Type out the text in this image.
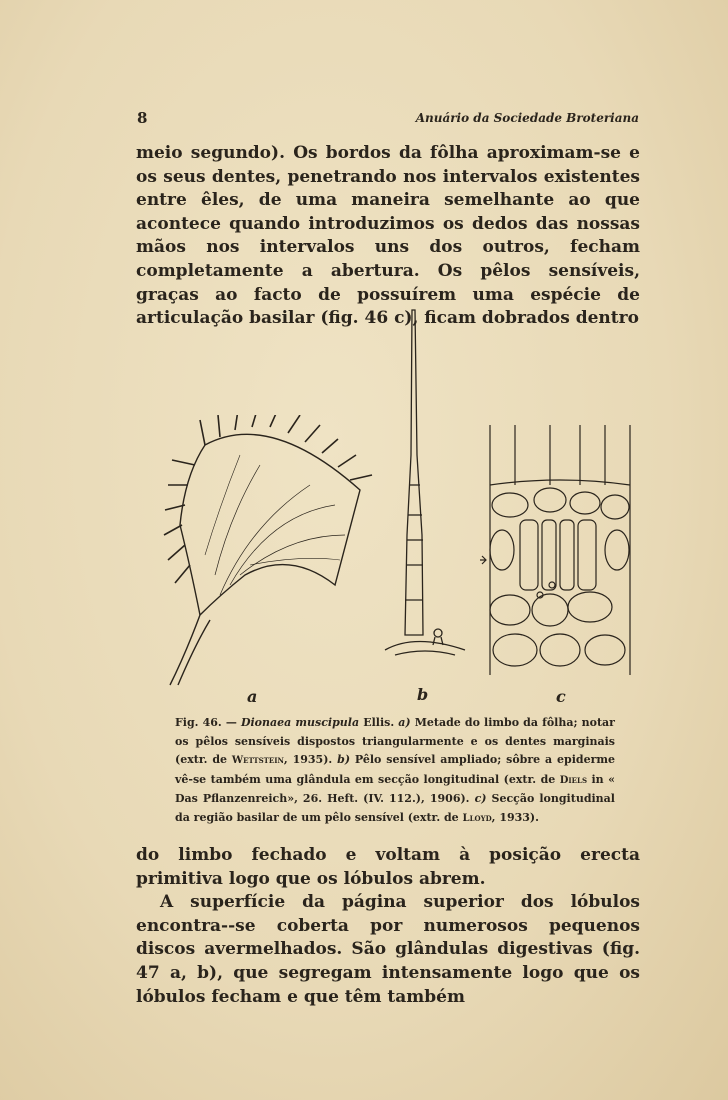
8	Anuário da Sociedade Broteriana

meio segundo). Os bordos da fôlha aproximam-se e os seus dentes, penetrando nos intervalos existentes entre êles, de uma maneira semelhante ao que acontece quando introduzimos os dedos das nossas mãos nos intervalos uns dos outros, fecham completamente a abertura. Os pêlos sensíveis, graças ao facto de possuírem uma espécie de articulação basilar (fig. 46 c), ficam dobrados dentro

a	b	c
Fig. 46. — Dionaea muscipula Ellis. a) Metade do limbo da fôlha; notar os pêlos sensíveis dispostos triangularmente e os dentes marginais (extr. de Wettstein, 1935). b) Pêlo sensível ampliado; sôbre a epiderme vê-se também uma glândula em secção longitudinal (extr. de Diels in « Das Pflanzenreich», 26. Heft. (IV. 112.), 1906). c) Secção longitudinal da região basilar de um pêlo sensível (extr. de Lloyd, 1933).

do limbo fechado e voltam à posição erecta primitiva logo que os lóbulos abrem.

A superfície da página superior dos lóbulos encontra--se coberta por numerosos pequenos discos avermelhados. São glândulas digestivas (fig. 47 a, b), que segregam intensamente logo que os lóbulos fecham e que têm também
